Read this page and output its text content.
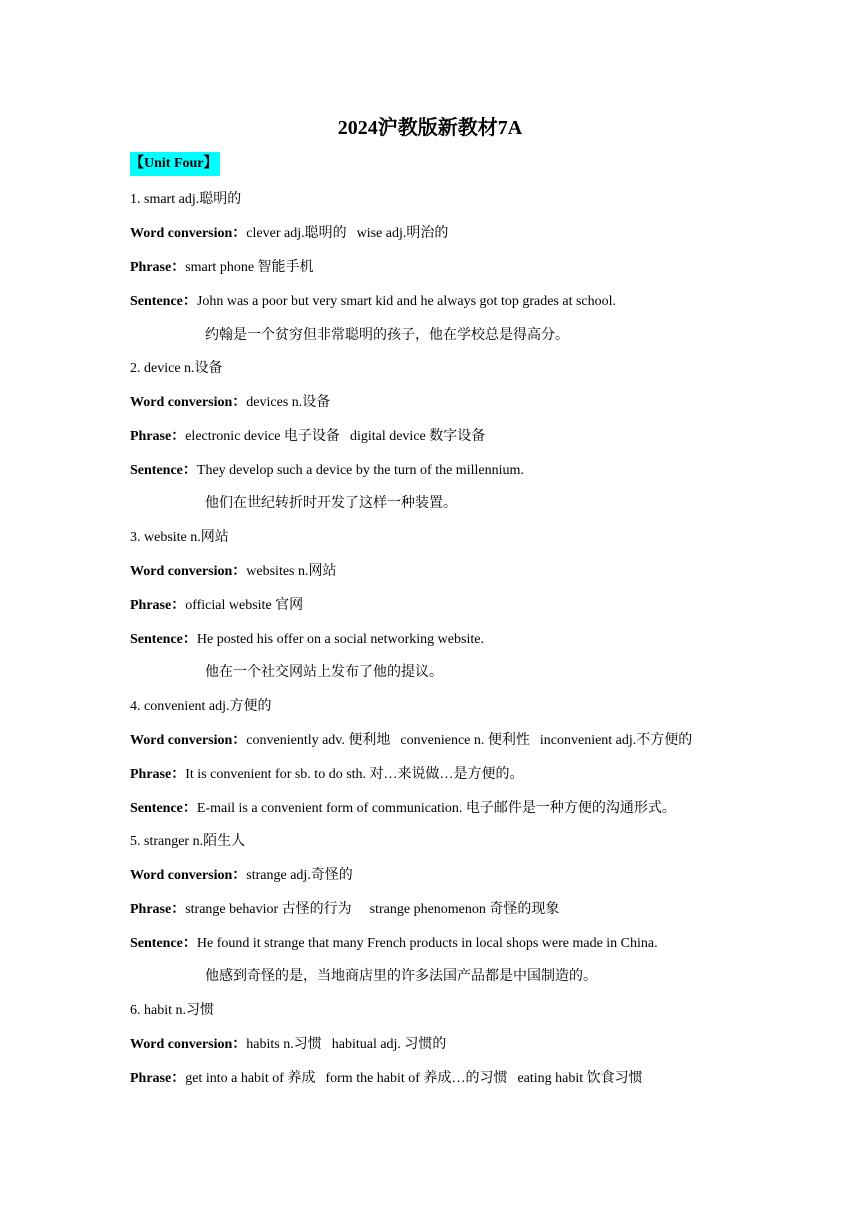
2024沪教版新教材7A
【Unit Four】
1. smart adj.聪明的
Word conversion：clever adj.聪明的 wise adj.明治的
Phrase：smart phone 智能手机
Sentence：John was a poor but very smart kid and he always got top grades at school.
约翰是一个贫穷但非常聪明的孩子，他在学校总是得高分。
2. device n.设备
Word conversion：devices n.设备
Phrase：electronic device 电子设备 digital device 数字设备
Sentence：They develop such a device by the turn of the millennium.
他们在世纪转折时开发了这样一种装置。
3. website n.网站
Word conversion：websites n.网站
Phrase：official website 官网
Sentence：He posted his offer on a social networking website.
他在一个社交网站上发布了他的提议。
4. convenient adj.方便的
Word conversion：conveniently adv. 便利地 convenience n. 便利性 inconvenient adj.不方便的
Phrase：It is convenient for sb. to do sth. 对…来说做…是方便的。
Sentence：E-mail is a convenient form of communication. 电子邮件是一种方便的沟通形式。
5. stranger n.陌生人
Word conversion：strange adj.奇怪的
Phrase：strange behavior 古怪的行为 strange phenomenon 奇怪的现象
Sentence：He found it strange that many French products in local shops were made in China.
他感到奇怪的是，当地商店里的许多法国产品都是中国制造的。
6. habit n.习惯
Word conversion：habits n.习惯 habitual adj. 习惯的
Phrase：get into a habit of 养成 form the habit of 养成…的习惯 eating habit 饮食习惯
